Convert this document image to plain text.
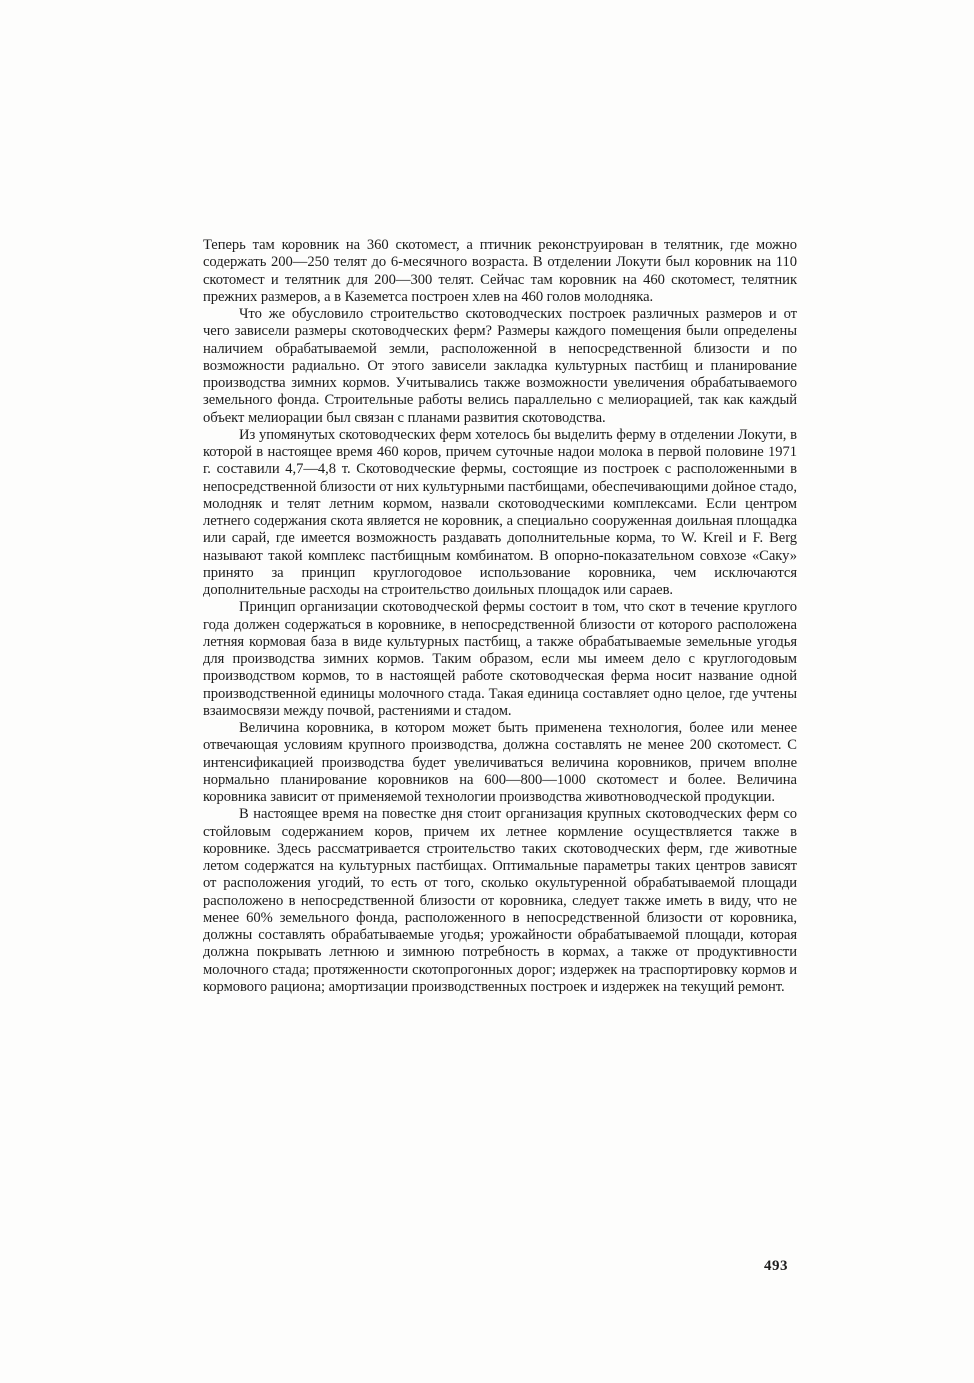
Теперь там коровник на 360 скотомест, а птичник реконструирован в телятник, где можно содержать 200—250 телят до 6-месячного возраста. В отделении Локути был коровник на 110 скотомест и телятник для 200—300 телят. Сейчас там коровник на 460 скотомест, телятник прежних размеров, а в Каземетса построен хлев на 460 голов молодняка.

Что же обусловило строительство скотоводческих построек различных размеров и от чего зависели размеры скотоводческих ферм? Размеры каждого помещения были определены наличием обрабатываемой земли, расположенной в непосредственной близости и по возможности радиально. От этого зависели закладка культурных пастбищ и планирование производства зимних кормов. Учитывались также возможности увеличения обрабатываемого земельного фонда. Строительные работы велись параллельно с мелиорацией, так как каждый объект мелиорации был связан с планами развития скотоводства.

Из упомянутых скотоводческих ферм хотелось бы выделить ферму в отделении Локути, в которой в настоящее время 460 коров, причем суточные надои молока в первой половине 1971 г. составили 4,7—4,8 т. Скотоводческие фермы, состоящие из построек с расположенными в непосредственной близости от них культурными пастбищами, обеспечивающими дойное стадо, молодняк и телят летним кормом, назвали скотоводческими комплексами. Если центром летнего содержания скота является не коровник, а специально сооруженная доильная площадка или сарай, где имеется возможность раздавать дополнительные корма, то W. Kreil и F. Berg называют такой комплекс пастбищным комбинатом. В опорно-показательном совхозе «Саку» принято за принцип круглогодовое использование коровника, чем исключаются дополнительные расходы на строительство доильных площадок или сараев.

Принцип организации скотоводческой фермы состоит в том, что скот в течение круглого года должен содержаться в коровнике, в непосредственной близости от которого расположена летняя кормовая база в виде культурных пастбищ, а также обрабатываемые земельные угодья для производства зимних кормов. Таким образом, если мы имеем дело с круглогодовым производством кормов, то в настоящей работе скотоводческая ферма носит название одной производственной единицы молочного стада. Такая единица составляет одно целое, где учтены взаимосвязи между почвой, растениями и стадом.

Величина коровника, в котором может быть применена технология, более или менее отвечающая условиям крупного производства, должна составлять не менее 200 скотомест. С интенсификацией производства будет увеличиваться величина коровников, причем вполне нормально планирование коровников на 600—800—1000 скотомест и более. Величина коровника зависит от применяемой технологии производства животноводческой продукции.

В настоящее время на повестке дня стоит организация крупных скотоводческих ферм со стойловым содержанием коров, причем их летнее кормление осуществляется также в коровнике. Здесь рассматривается строительство таких скотоводческих ферм, где животные летом содержатся на культурных пастбищах. Оптимальные параметры таких центров зависят от расположения угодий, то есть от того, сколько окультуренной обрабатываемой площади расположено в непосредственной близости от коровника, следует также иметь в виду, что не менее 60% земельного фонда, расположенного в непосредственной близости от коровника, должны составлять обрабатываемые угодья; урожайности обрабатываемой площади, которая должна покрывать летнюю и зимнюю потребность в кормах, а также от продуктивности молочного стада; протяженности скотопрогонных дорог; издержек на траспортировку кормов и кормового рациона; амортизации производственных построек и издержек на текущий ремонт.

493
